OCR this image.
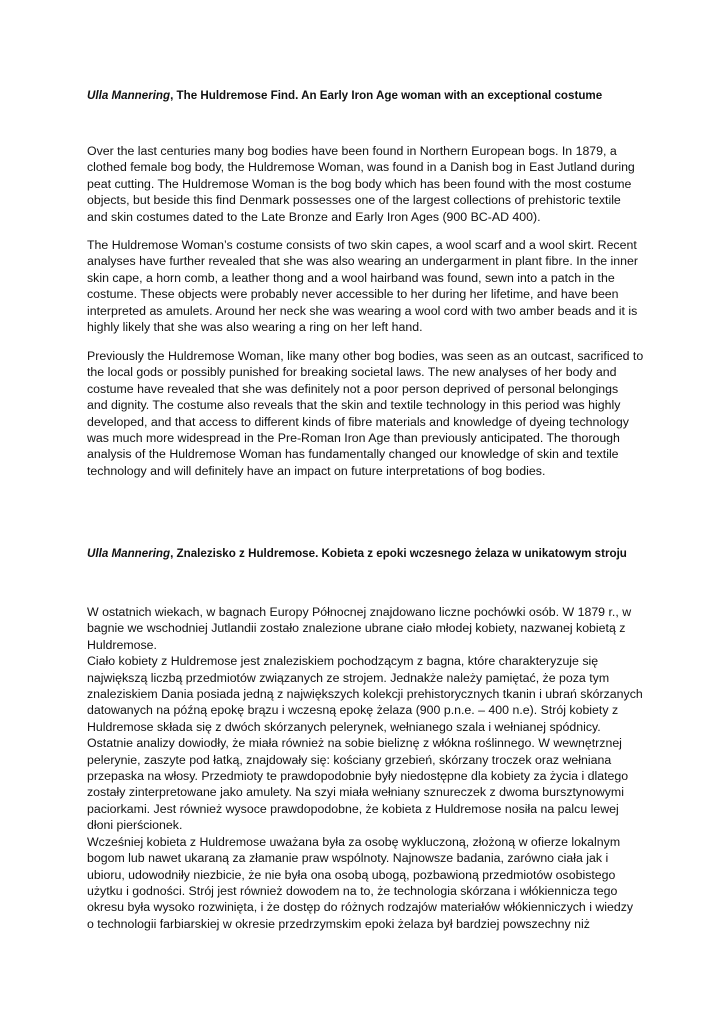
Ulla Mannering, The Huldremose Find. An Early Iron Age woman with an exceptional costume

Over the last centuries many bog bodies have been found in Northern European bogs. In 1879, a
clothed female bog body, the Huldremose Woman, was found in a Danish bog in East Jutland during
peat cutting. The Huldremose Woman is the bog body which has been found with the most costume
objects, but beside this find Denmark possesses one of the largest collections of prehistoric textile
and skin costumes dated to the Late Bronze and Early Iron Ages (900 BC-AD 400).

The Huldremose Woman’s costume consists of two skin capes, a wool scarf and a wool skirt. Recent
analyses have further revealed that she was also wearing an undergarment in plant fibre. In the inner
skin cape, a horn comb, a leather thong and a wool hairband was found, sewn into a patch in the
costume. These objects were probably never accessible to her during her lifetime, and have been
interpreted as amulets. Around her neck she was wearing a wool cord with two amber beads and it is
highly likely that she was also wearing a ring on her left hand.

Previously the Huldremose Woman, like many other bog bodies, was seen as an outcast, sacrificed to
the local gods or possibly punished for breaking societal laws. The new analyses of her body and
costume have revealed that she was definitely not a poor person deprived of personal belongings
and dignity. The costume also reveals that the skin and textile technology in this period was highly
developed, and that access to different kinds of fibre materials and knowledge of dyeing technology
was much more widespread in the Pre-Roman Iron Age than previously anticipated. The thorough
analysis of the Huldremose Woman has fundamentally changed our knowledge of skin and textile
technology and will definitely have an impact on future interpretations of bog bodies.

Ulla Mannering, Znalezisko z Huldremose. Kobieta z epoki wczesnego żelaza w unikatowym stroju

W ostatnich wiekach, w bagnach Europy Północnej znajdowano liczne pochówki osób. W 1879 r., w
bagnie we wschodniej Jutlandii zostało znalezione ubrane ciało młodej kobiety, nazwanej kobietą z
Huldremose.
Ciało kobiety z Huldremose jest znaleziskiem pochodzącym z bagna, które charakteryzuje się
największą liczbą przedmiotów związanych ze strojem. Jednakże należy pamiętać, że poza tym
znaleziskiem Dania posiada jedną z największych kolekcji prehistorycznych tkanin i ubrań skórzanych
datowanych na późną epokę brązu i wczesną epokę żelaza (900 p.n.e. – 400 n.e). Strój kobiety z
Huldremose składa się z dwóch skórzanych pelerynek, wełnianego szala i wełnianej spódnicy.
Ostatnie analizy dowiodły, że miała również na sobie bieliznę z włókna roślinnego. W wewnętrznej
pelerynie, zaszyte pod łatką, znajdowały się: kościany grzebień, skórzany troczek oraz wełniana
przepaska na włosy. Przedmioty te prawdopodobnie były niedostępne dla kobiety za życia i dlatego
zostały zinterpretowane jako amulety. Na szyi miała wełniany sznureczek z dwoma bursztynowymi
paciorkami. Jest również wysoce prawdopodobne, że kobieta z Huldremose nosiła na palcu lewej
dłoni pierścionek.
Wcześniej kobieta z Huldremose uważana była za osobę wykluczoną, złożoną w ofierze lokalnym
bogom lub nawet ukaraną za złamanie praw wspólnoty. Najnowsze badania, zarówno ciała jak i
ubioru, udowodniły niezbicie, że nie była ona osobą ubogą, pozbawioną przedmiotów osobistego
użytku i godności. Strój jest również dowodem na to, że technologia skórzana i włókiennicza tego
okresu była wysoko rozwinięta, i że dostęp do różnych rodzajów materiałów włókienniczych i wiedzy
o technologii farbiarskiej w okresie przedrzymskim epoki żelaza był bardziej powszechny niż
